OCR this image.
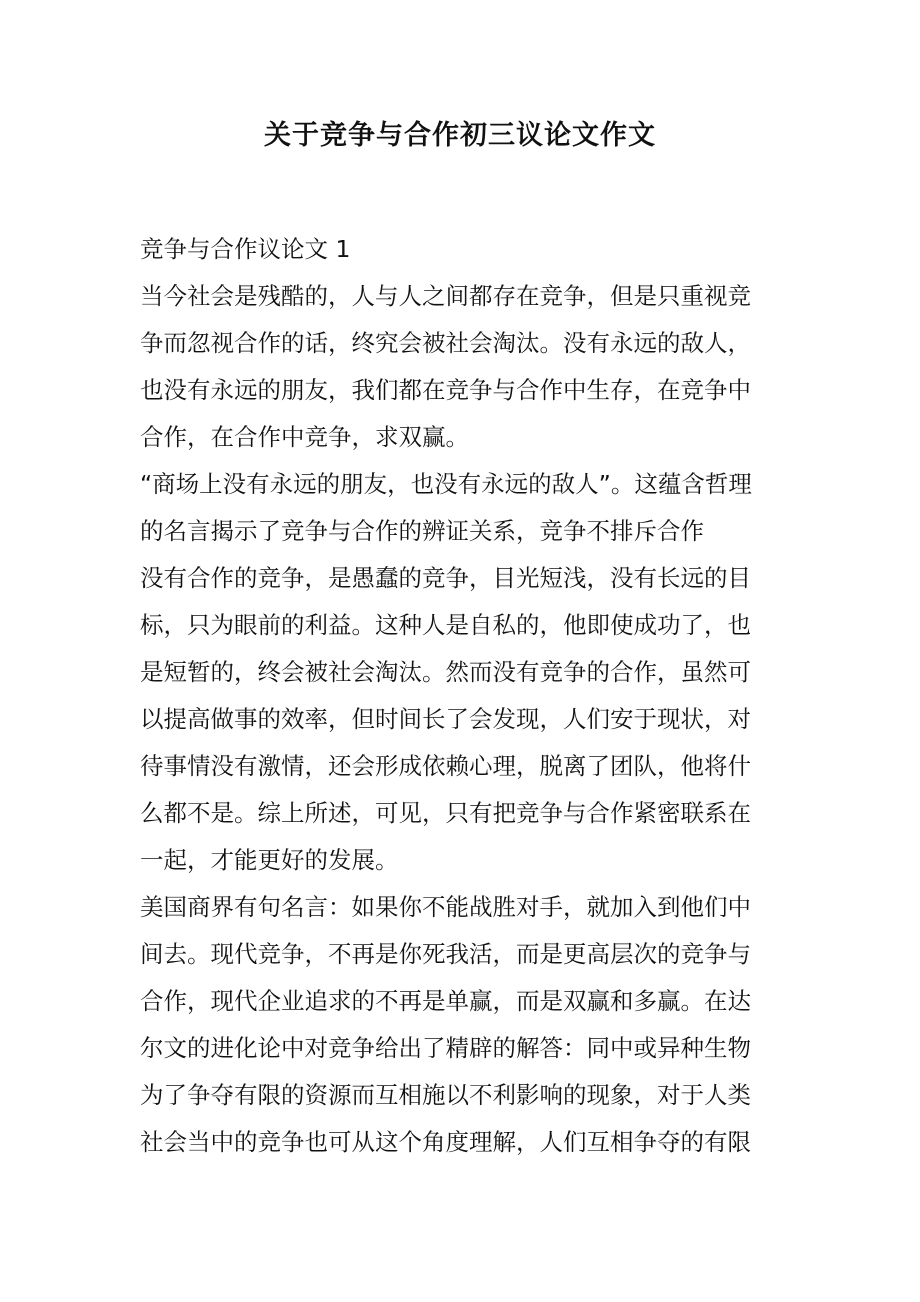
关于竞争与合作初三议论文作文
竞争与合作议论文 1
当今社会是残酷的，人与人之间都存在竞争，但是只重视竞
争而忽视合作的话，终究会被社会淘汰。没有永远的敌人，
也没有永远的朋友，我们都在竞争与合作中生存，在竞争中
合作，在合作中竞争，求双赢。
“商场上没有永远的朋友，也没有永远的敌人”。这蕴含哲理
的名言揭示了竞争与合作的辨证关系，竞争不排斥合作
没有合作的竞争，是愚蠢的竞争，目光短浅，没有长远的目
标，只为眼前的利益。这种人是自私的，他即使成功了，也
是短暂的，终会被社会淘汰。然而没有竞争的合作，虽然可
以提高做事的效率，但时间长了会发现，人们安于现状，对
待事情没有激情，还会形成依赖心理，脱离了团队，他将什
么都不是。综上所述，可见，只有把竞争与合作紧密联系在
一起，才能更好的发展。
美国商界有句名言：如果你不能战胜对手，就加入到他们中
间去。现代竞争，不再是你死我活，而是更高层次的竞争与
合作，现代企业追求的不再是单赢，而是双赢和多赢。在达
尔文的进化论中对竞争给出了精辟的解答：同中或异种生物
为了争夺有限的资源而互相施以不利影响的现象，对于人类
社会当中的竞争也可从这个角度理解，人们互相争夺的有限
